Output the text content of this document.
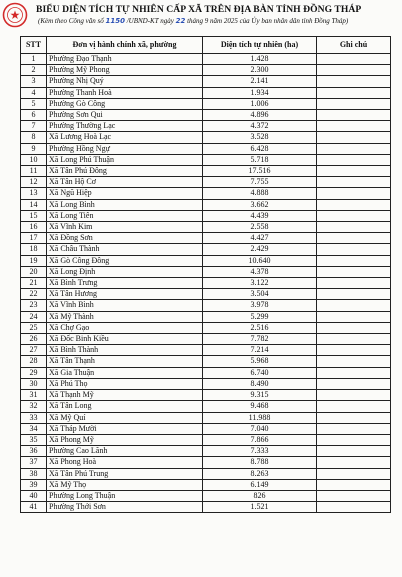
BIỂU DIỆN TÍCH TỰ NHIÊN CẤP XÃ TRÊN ĐỊA BÀN TỈNH ĐỒNG THÁP
(Kèm theo Công văn số 1150 /UBND-KT ngày 22 tháng 9 năm 2025 của Ủy ban nhân dân tỉnh Đồng Tháp)
STT	Đơn vị hành chính xã, phường	Diện tích tự nhiên (ha)	Ghi chú
1	Phường Đạo Thạnh	1.428	
2	Phường Mỹ Phong	2.300	
3	Phường Nhị Quý	2.141	
4	Phường Thanh Hoà	1.934	
5	Phường Gò Công	1.006	
6	Phường Sơn Qui	4.896	
7	Phường Thường Lạc	4.372	
8	Xã Lương Hoà Lạc	3.528	
9	Phường Hồng Ngự	6.428	
10	Xã Long Phú Thuận	5.718	
11	Xã Tân Phú Đông	17.516	
12	Xã Tân Hộ Cơ	7.755	
13	Xã Ngũ Hiệp	4.888	
14	Xã Long Bình	3.662	
15	Xã Long Tiên	4.439	
16	Xã Vĩnh Kim	2.558	
17	Xã Đồng Sơn	4.427	
18	Xã Châu Thành	2.429	
19	Xã Gò Công Đông	10.640	
20	Xã Long Định	4.378	
21	Xã Bình Trưng	3.122	
22	Xã Tân Hương	3.504	
23	Xã Vĩnh Bình	3.978	
24	Xã Mỹ Thành	5.299	
25	Xã Chợ Gạo	2.516	
26	Xã Đốc Binh Kiều	7.782	
27	Xã Bình Thành	7.214	
28	Xã Tân Thạnh	5.968	
29	Xã Gia Thuận	6.740	
30	Xã Phú Thọ	8.490	
31	Xã Thạnh Mỹ	9.315	
32	Xã Tân Long	9.468	
33	Xã Mỹ Quí	11.988	
34	Xã Tháp Mười	7.040	
35	Xã Phong Mỹ	7.866	
36	Phường Cao Lãnh	7.333	
37	Xã Phong Hoà	8.788	
38	Xã Tân Phú Trung	8.263	
39	Xã Mỹ Thọ	6.149	
40	Phường Long Thuận	826	
41	Phường Thới Sơn	1.521	
